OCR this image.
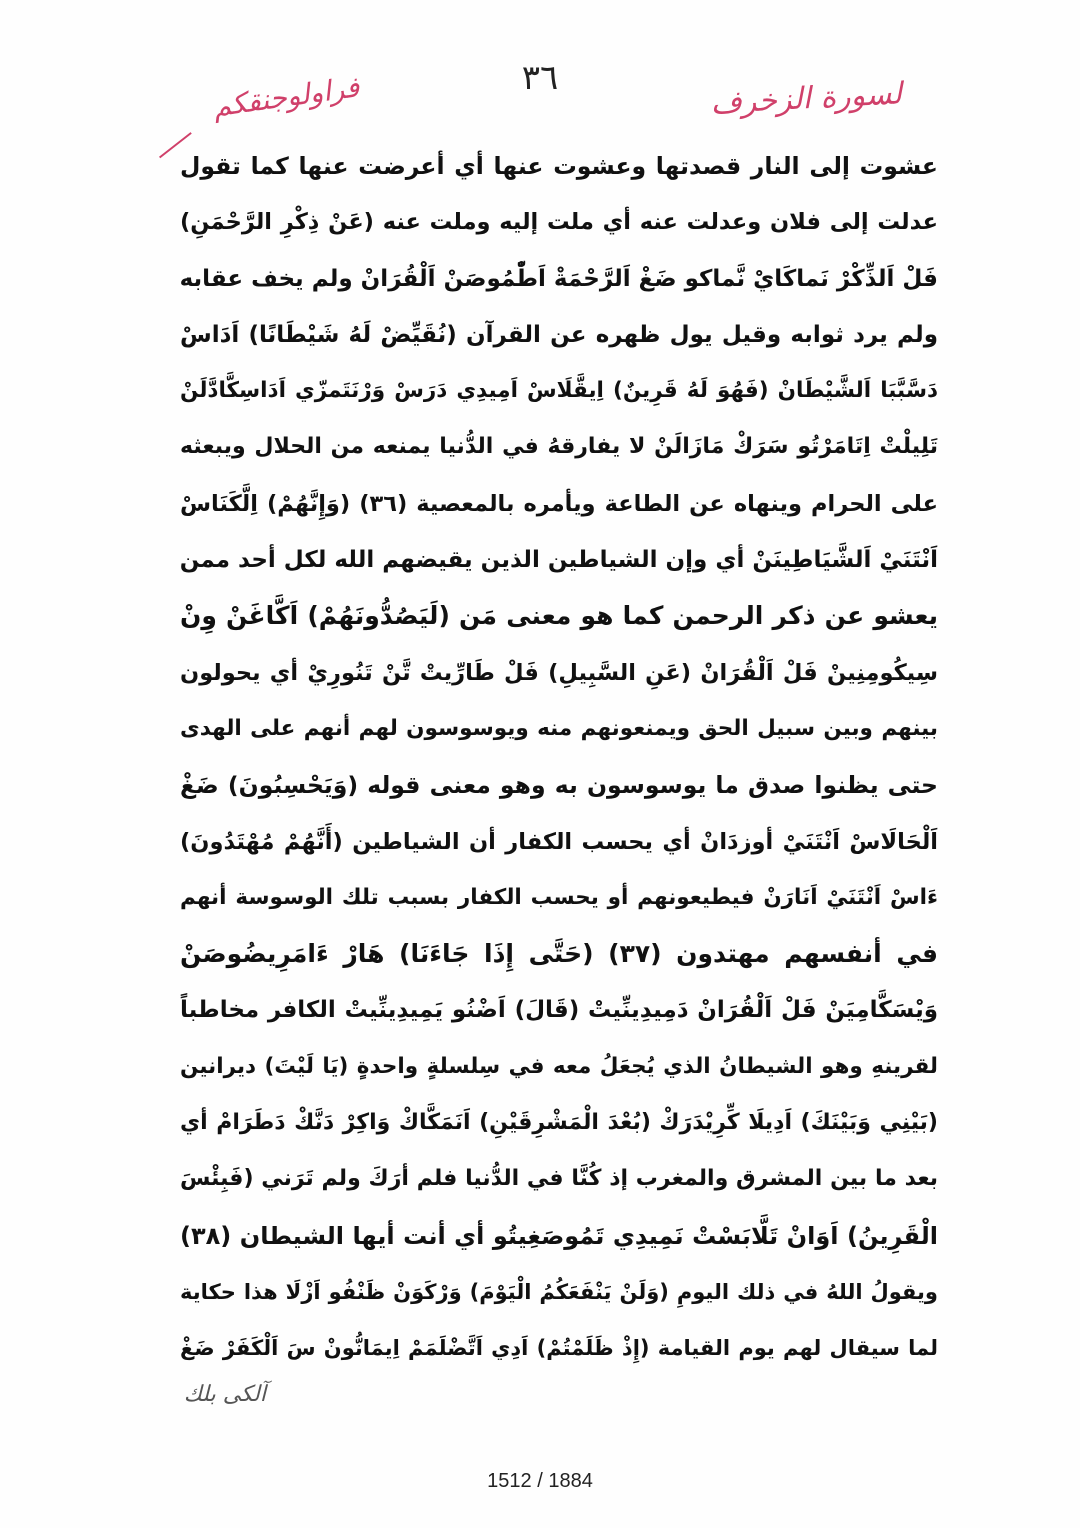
٣٦	لسورة الزخرف
فراولوجنقكم
عشوت إلى النار قصدتها وعشوت عنها أي أعرضت عنها كما تقول
عدلت إلى فلان وعدلت عنه أي ملت إليه وملت عنه (عَنْ ذِكْرِ الرَّحْمَنِ)
فَلْ اَلذِّكْرْ نَماكَايْ نَّماكو ضَغْ اَلرَّحْمَةْ اَطّْمُوصَنْ اَلْقُرَانْ ولم يخف عقابه
ولم يرد ثوابه وقيل يول ظهره عن القرآن (نُقَيِّضْ لَهُ شَيْطَانًا) اَدَاسْ
دَسَّبَّبَا اَلشَّيْطَانْ (فَهُوَ لَهُ قَرِينٌ) اِيقَّلَاسْ اَمِيدِي دَرَسْ وَرْنَتَمزّي اَدَاسِكَّادَّلَنْ
تَلِيلْتْ اِتَامَرْتُو سَرَكْ مَازَالَنْ لا يفارقهُ في الدُّنيا يمنعه من الحلال ويبعثه
على الحرام وينهاه عن الطاعة ويأمره بالمعصية (٣٦) (وَإِنَّهُمْ) اِلَّكَنَاسْ
اَنْتَنَيْ اَلشَّيَاطِينَنْ أي وإن الشياطين الذين يقيضهم الله لكل أحد ممن
يعشو عن ذكر الرحمن كما هو معنى مَن (لَيَصُدُّونَهُمْ) اَكَّاغَنْ وِنْ
سِيكُومِنِينْ فَلْ اَلْقُرَانْ (عَنِ السَّبِيلِ) فَلْ طَارِّيتْ تَّنْ تَنُورِيْ أي يحولون
بينهم وبين سبيل الحق ويمنعونهم منه ويوسوسون لهم أنهم على الهدى
حتى يظنوا صدق ما يوسوسون به وهو معنى قوله (وَيَحْسِبُونَ) ضَغْ
اَلْحَالَاسْ اَنْتَنَيْ أوزدَانْ أي يحسب الكفار أن الشياطين (أَنَّهُمْ مُهْتَدُونَ)
ءَاسْ اَنْتَنَيْ اَنَارَنْ فيطيعونهم أو يحسب الكفار بسبب تلك الوسوسة أنهم
في أنفسهم مهتدون (٣٧) (حَتَّى إِذَا جَاءَنَا) هَارْ ءَامَرِيضُوصَنْ
وَيْسَكَّامِيَنْ فَلْ اَلْقُرَانْ دَمِيدِينِّيتْ (قَالَ) اَضْنُو يَمِيدِينِّيتْ الكافر مخاطباً
لقرينهِ وهو الشيطانُ الذي يُجعَلُ معه في سِلسلةٍ واحدةٍ (يَا لَيْتَ) ديرانين
(بَيْنِي وَبَيْنَكَ) اَدِيلَا كِّرِيْدَرَكْ (بُعْدَ الْمَشْرِقَيْنِ) اَنَمَكَّاكْ وَاكِرْ دَنَّكْ دَطَرَامْ أي
بعد ما بين المشرق والمغرب إذ كُنَّا في الدُّنيا فلم أرَكَ ولم تَرَني (فَبِئْسَ
الْقَرِينُ) اَوَانْ تَلَّابَسْتْ نَمِيدِي تَمُوصَغِيتُو أي أنت أيها الشيطان (٣٨)
ويقولُ اللهُ في ذلك اليومِ (وَلَنْ يَنْفَعَكُمُ الْيَوْمَ) وَرْكَوَنْ ظَنْفُو اَزْلَا هذا حكاية
لما سيقال لهم يوم القيامة (إِذْ ظَلَمْتُمْ) اَدِي اَتَّضْلَمَمْ اِيمَانُّونْ سَ اَلْكَفَرْ ضَغْ
آلکی بلك
1512 / 1884
